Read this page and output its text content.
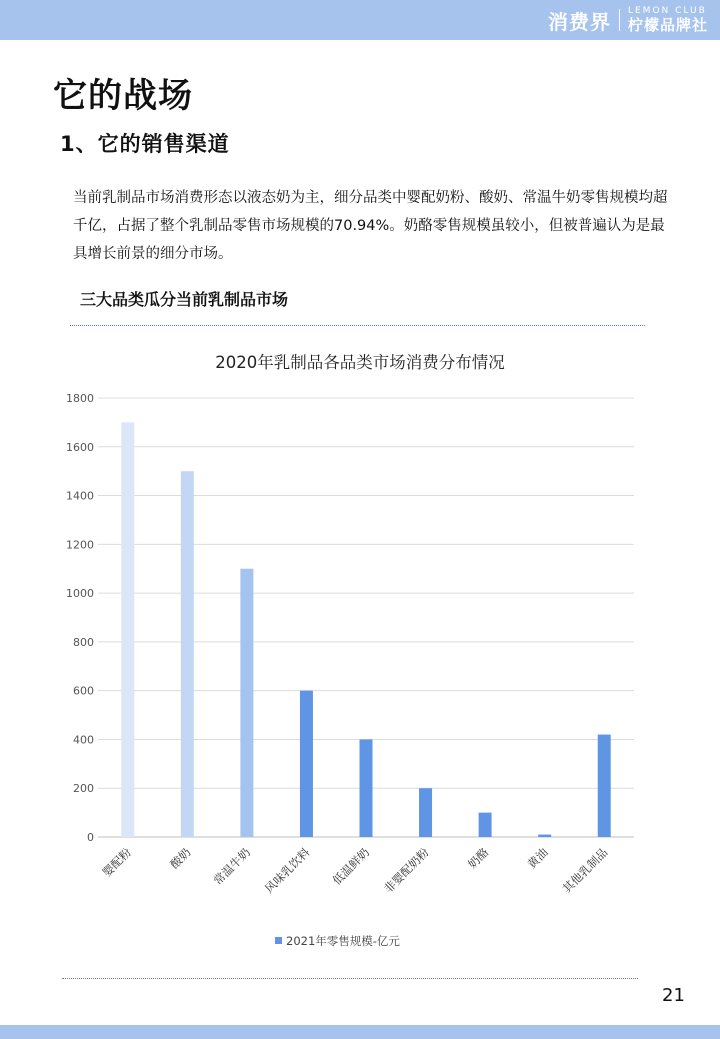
消费界 LEMON CLUB
柠檬品牌社
它的战场
1、它的销售渠道

当前乳制品市场消费形态以液态奶为主，细分品类中婴配奶粉、酸奶、常温牛奶零售规模均超千亿，占据了整个乳制品零售市场规模的70.94%。奶酪零售规模虽较小，但被普遍认为是最具增长前景的细分市场。

三大品类瓜分当前乳制品市场
2020年乳制品各品类市场消费分布情况
0
200
400
600
800
1000
1200
1400
1600
1800
婴配粉	酸奶 常温牛奶 风味乳饮料 低温鲜奶 非婴配奶粉	奶酪	黄油 其他乳制品
2021年零售规模-亿元
21
